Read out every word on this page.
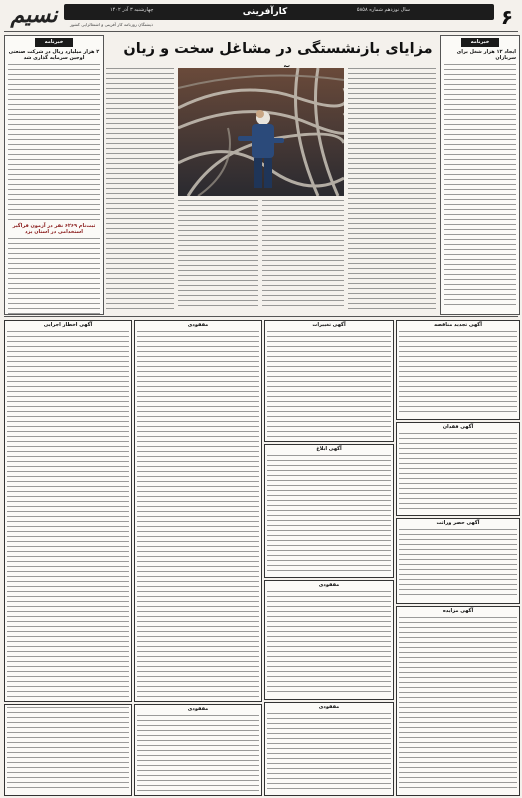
۶
نسیم	کارآفرینی	سال نوزدهم شماره ۵۸۵۸
چهارشنبه ۳ آذر ۱۴۰۲
ذیشتگان روزنامه کار آفرینی و اشتغالزایی کشور
خبرنامه
ایجاد ۱۲ هزار شغل برای سربازان
مزایای بازنشستگی در مشاغل سخت و زیان
خبرنامه
۲ هزار میلیارد ریال در شرکت صنعتی اوجین سرمایه گذاری شد
ثبت‌نام ۶۲۶۹ نفر در آزمون فراگیر استخدامی در استان یزد
آگهی تجدید مناقصه
آگهی فقدان
آگهی حصر وراثت
آگهی مزایده
آگهی تغییرات
آگهی ابلاغ
مفقودی
مفقودی
مفقودی
مفقودی
آگهی اخطار اجرایی
